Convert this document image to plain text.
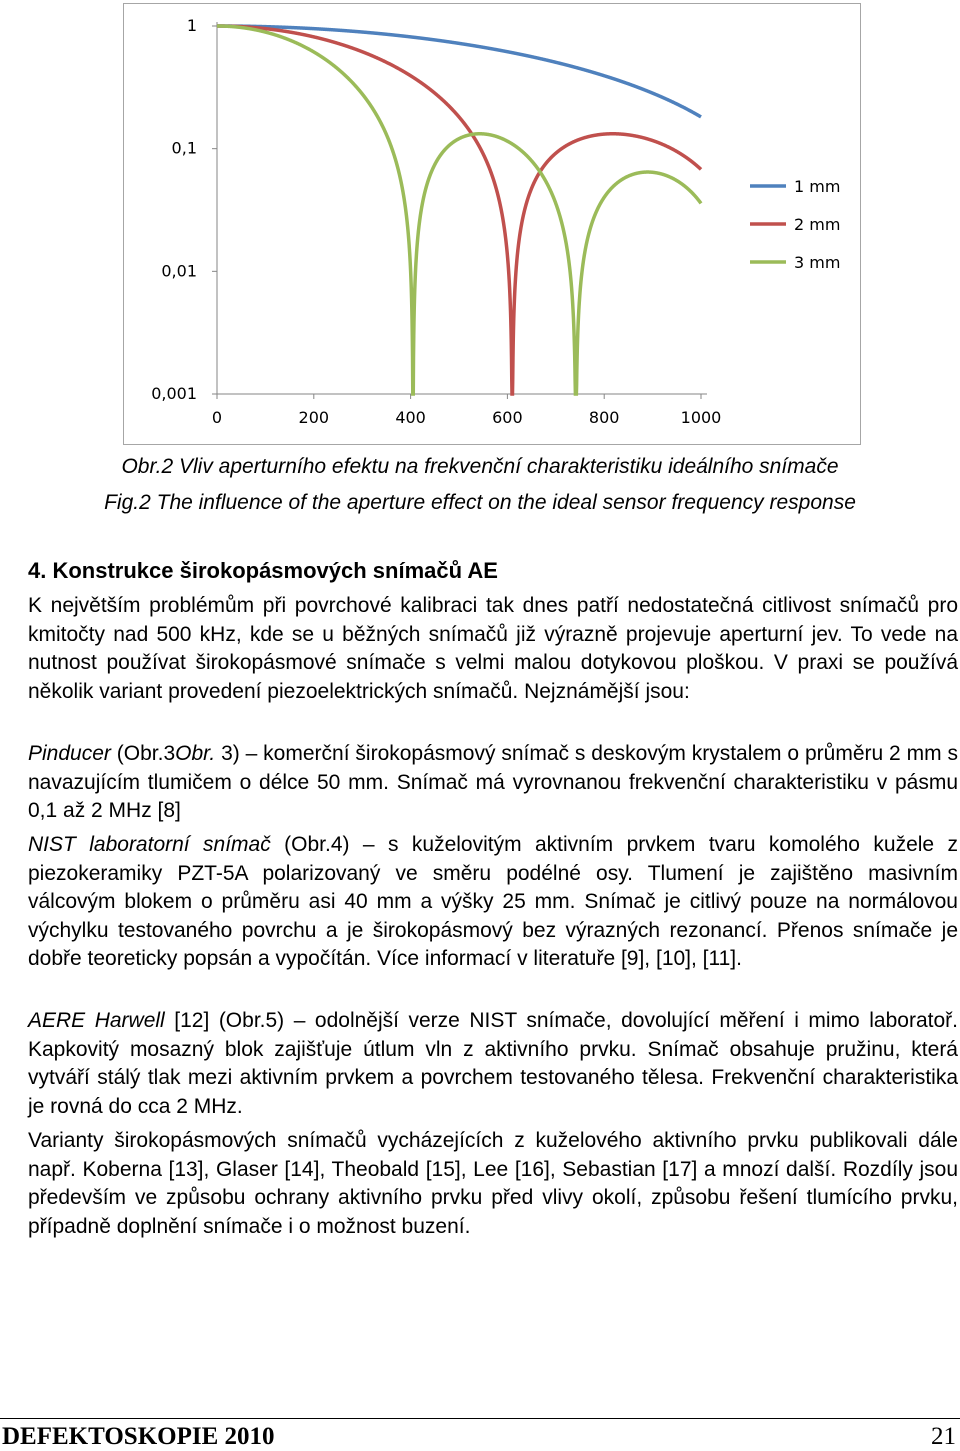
1
0,1
0,01
0,001
0	200	400	600	800	1000
1 mm
2 mm
3 mm
Obr.2 Vliv aperturního efektu na frekvenční charakteristiku ideálního snímače
Fig.2 The influence of the aperture effect on the ideal sensor frequency response
4. Konstrukce širokopásmových snímačů AE

K největším problémům při povrchové kalibraci tak dnes patří nedostatečná citlivost snímačů pro kmitočty nad 500 kHz, kde se u běžných snímačů již výrazně projevuje aperturní jev. To vede na nutnost používat širokopásmové snímače s velmi malou dotykovou ploškou. V praxi se používá několik variant provedení piezoelektrických snímačů. Nejznámější jsou:

Pinducer (Obr.3Obr. 3) – komerční širokopásmový snímač s deskovým krystalem o průměru 2 mm s navazujícím tlumičem o délce 50 mm. Snímač má vyrovnanou frekvenční charakteristiku v pásmu 0,1 až 2 MHz [8]

NIST laboratorní snímač (Obr.4) – s kuželovitým aktivním prvkem tvaru komolého kužele z piezokeramiky PZT-5A polarizovaný ve směru podélné osy. Tlumení je zajištěno masivním válcovým blokem o průměru asi 40 mm a výšky 25 mm. Snímač je citlivý pouze na normálovou výchylku testovaného povrchu a je širokopásmový bez výrazných rezonancí. Přenos snímače je dobře teoreticky popsán a vypočítán. Více informací v literatuře [9], [10], [11].

AERE Harwell [12] (Obr.5) – odolnější verze NIST snímače, dovolující měření i mimo laboratoř. Kapkovitý mosazný blok zajišťuje útlum vln z aktivního prvku. Snímač obsahuje pružinu, která vytváří stálý tlak mezi aktivním prvkem a povrchem testovaného tělesa. Frekvenční charakteristika je rovná do cca 2 MHz.

Varianty širokopásmových snímačů vycházejících z kuželového aktivního prvku publikovali dále např. Koberna [13], Glaser [14], Theobald [15], Lee [16], Sebastian [17] a mnozí další. Rozdíly jsou především ve způsobu ochrany aktivního prvku před vlivy okolí, způsobu řešení tlumícího prvku, případně doplnění snímače i o možnost buzení.

DEFEKTOSKOPIE 2010	21
